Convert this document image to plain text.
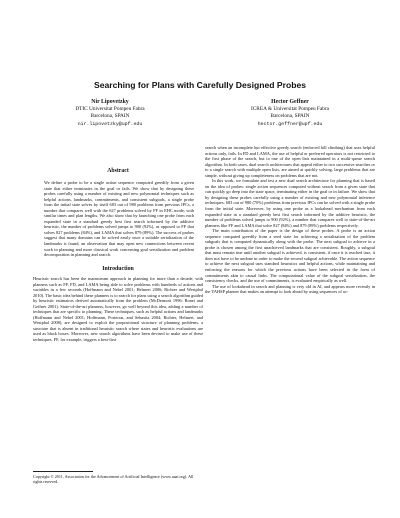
Searching for Plans with Carefully Designed Probes
Nir Lipovetzky
DTIC Universitat Pompeu Fabra
Barcelona, SPAIN
nir.lipovetzky@upf.edu
Hector Geffner
ICREA & Universitat Pompeu Fabra
Barcelona, SPAIN
hector.geffner@upf.edu
Abstract

We define a probe to be a single action sequence computed greedily from a given state that either terminates in the goal or fails. We show that by designing these probes carefully using a number of existing and new polynomial techniques such as helpful actions, landmarks, commitments, and consistent subgoals, a single probe from the initial state solves by itself 683 out of 980 problems from previous IPCs, a number that compares well with the 627 problems solved by FF in EHC mode, with similar times and plan lengths. We also show that by launching one probe from each expanded state in a standard greedy best first search informed by the additive heuristic, the number of problems solved jumps to 900 (92%), as opposed to FF that solves 827 problems (84%), and LAMA that solves 879 (89%). The success of probes suggest that many domains can be solved easily once a suitable serialization of the landmarks is found, an observation that may open new connections between recent work in planning and more classical work concerning goal serialization and problem decomposition in planning and search.

Introduction

Heuristic search has been the mainstream approach in planning for more than a decade, with planners such as FF, FD, and LAMA being able to solve problems with hundreds of actions and variables in a few seconds (Hoffmann and Nebel 2001; Helmert 2006; Richter and Westphal 2010). The basic idea behind these planners is to search for plans using a search algorithm guided by heuristic estimators derived automatically from the problem (McDermott 1996; Bonet and Geffner 2001). State-of-the-art planners, however, go well beyond this idea, adding a number of techniques that are specific to planning. These techniques, such as helpful actions and landmarks (Hoffmann and Nebel 2001; Hoffmann, Porteous, and Sebastia 2004; Richter, Helmert, and Westphal 2008), are designed to exploit the propositional structure of planning problems, a structure that is absent in traditional heuristic search where states and heuristic evaluations are used as black boxes. Moreover, new search algorithms have been devised to make use of these techniques. FF, for example, triggers a best-first

Copyright © 2011, Association for the Advancement of Artificial Intelligence (www.aaai.org). All rights reserved.

search when an incomplete but effective greedy search (enforced hill climbing) that uses helpful actions only, fails. In FD and LAMA, the use of helpful or preferred operators is not restricted to the first phase of the search, but to one of the open lists maintained in a multi-queue search algorithm. In both cases, dual search architectures that appeal either to two successive searches or to a single search with multiple open lists, are aimed at quickly solving, large problems that are simple, without giving up completeness on problems that are not.

In this work, we formulate and test a new dual search architecture for planning that is based on the idea of probes: single action sequences computed without search from a given state that can quickly go deep into the state space, terminating either in the goal or in failure. We show that by designing these probes carefully using a number of existing and new polynomial inference techniques, 683 out of 980 (70%) problems from previous IPCs can be solved with a single probe from the initial state. Moreover, by using one probe as a lookahead mechanism from each expanded state in a standard greedy best first search informed by the additive heuristic, the number of problems solved jumps to 900 (92%), a number that compares well to state-of-the-art planners like FF and LAMA that solve 827 (84%) and 879 (89%) problems respectively.

The main contribution of the paper is the design of these probes. A probe is an action sequence computed greedily from a seed state for achieving a serialization of the problem subgoals that is computed dynamically along with the probe. The next subgoal to achieve in a probe is chosen among the first unachieved landmarks that are consistent. Roughly, a subgoal that must remain true until another subgoal is achieved, is consistent, if once it is reached true, it does not have to be undone in order to make the second subgoal achievable. The action sequence to achieve the next subgoal uses standard heuristics and helpful actions, while maintaining and enforcing the reasons for which the previous actions have been selected in the form of commitments akin to causal links. The computational value of the subgoal serialization, the consistency checks, and the use of commitments, is evaluated empirically as well.

The use of lookahead in search and planning is very old in AI, and appears more recently in the YAHSP planner that makes an attempt to look ahead by using sequences of ac-
